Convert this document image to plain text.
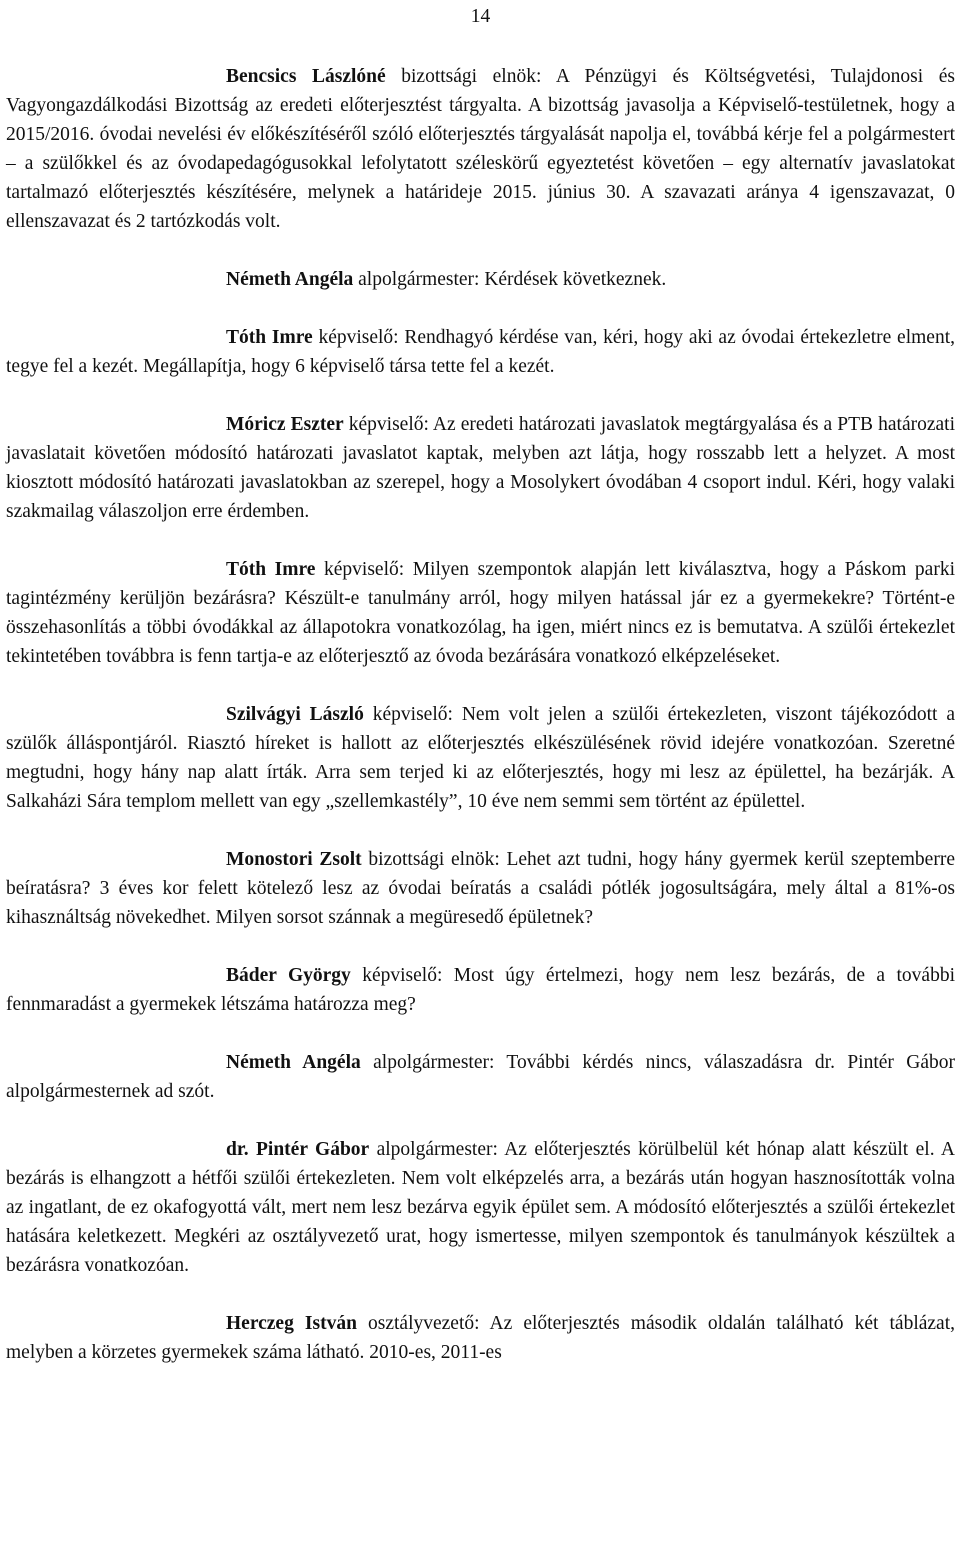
14

Bencsics Lászlóné bizottsági elnök: A Pénzügyi és Költségvetési, Tulajdonosi és Vagyongazdálkodási Bizottság az eredeti előterjesztést tárgyalta. A bizottság javasolja a Képviselő-testületnek, hogy a 2015/2016. óvodai nevelési év előkészítéséről szóló előterjesztés tárgyalását napolja el, továbbá kérje fel a polgármestert – a szülőkkel és az óvodapedagógusokkal lefolytatott széleskörű egyeztetést követően – egy alternatív javaslatokat tartalmazó előterjesztés készítésére, melynek a határideje 2015. június 30. A szavazati aránya 4 igenszavazat, 0 ellenszavazat és 2 tartózkodás volt.

Németh Angéla alpolgármester: Kérdések következnek.

Tóth Imre képviselő: Rendhagyó kérdése van, kéri, hogy aki az óvodai értekezletre elment, tegye fel a kezét. Megállapítja, hogy 6 képviselő társa tette fel a kezét.

Móricz Eszter képviselő: Az eredeti határozati javaslatok megtárgyalása és a PTB határozati javaslatait követően módosító határozati javaslatot kaptak, melyben azt látja, hogy rosszabb lett a helyzet. A most kiosztott módosító határozati javaslatokban az szerepel, hogy a Mosolykert óvodában 4 csoport indul. Kéri, hogy valaki szakmailag válaszoljon erre érdemben.

Tóth Imre képviselő: Milyen szempontok alapján lett kiválasztva, hogy a Páskom parki tagintézmény kerüljön bezárásra? Készült-e tanulmány arról, hogy milyen hatással jár ez a gyermekekre? Történt-e összehasonlítás a többi óvodákkal az állapotokra vonatkozólag, ha igen, miért nincs ez is bemutatva. A szülői értekezlet tekintetében továbbra is fenn tartja-e az előterjesztő az óvoda bezárására vonatkozó elképzeléseket.

Szilvágyi László képviselő: Nem volt jelen a szülői értekezleten, viszont tájékozódott a szülők álláspontjáról. Riasztó híreket is hallott az előterjesztés elkészülésének rövid idejére vonatkozóan. Szeretné megtudni, hogy hány nap alatt írták. Arra sem terjed ki az előterjesztés, hogy mi lesz az épülettel, ha bezárják. A Salkaházi Sára templom mellett van egy „szellemkastély”, 10 éve nem semmi sem történt az épülettel.

Monostori Zsolt bizottsági elnök: Lehet azt tudni, hogy hány gyermek kerül szeptemberre beíratásra? 3 éves kor felett kötelező lesz az óvodai beíratás a családi pótlék jogosultságára, mely által a 81%-os kihasználtság növekedhet. Milyen sorsot szánnak a megüresedő épületnek?

Báder György képviselő: Most úgy értelmezi, hogy nem lesz bezárás, de a további fennmaradást a gyermekek létszáma határozza meg?

Németh Angéla alpolgármester: További kérdés nincs, válaszadásra dr. Pintér Gábor alpolgármesternek ad szót.

dr. Pintér Gábor alpolgármester: Az előterjesztés körülbelül két hónap alatt készült el. A bezárás is elhangzott a hétfői szülői értekezleten. Nem volt elképzelés arra, a bezárás után hogyan hasznosították volna az ingatlant, de ez okafogyottá vált, mert nem lesz bezárva egyik épület sem. A módosító előterjesztés a szülői értekezlet hatására keletkezett. Megkéri az osztályvezető urat, hogy ismertesse, milyen szempontok és tanulmányok készültek a bezárásra vonatkozóan.

Herczeg István osztályvezető: Az előterjesztés második oldalán található két táblázat, melyben a körzetes gyermekek száma látható. 2010-es, 2011-es
